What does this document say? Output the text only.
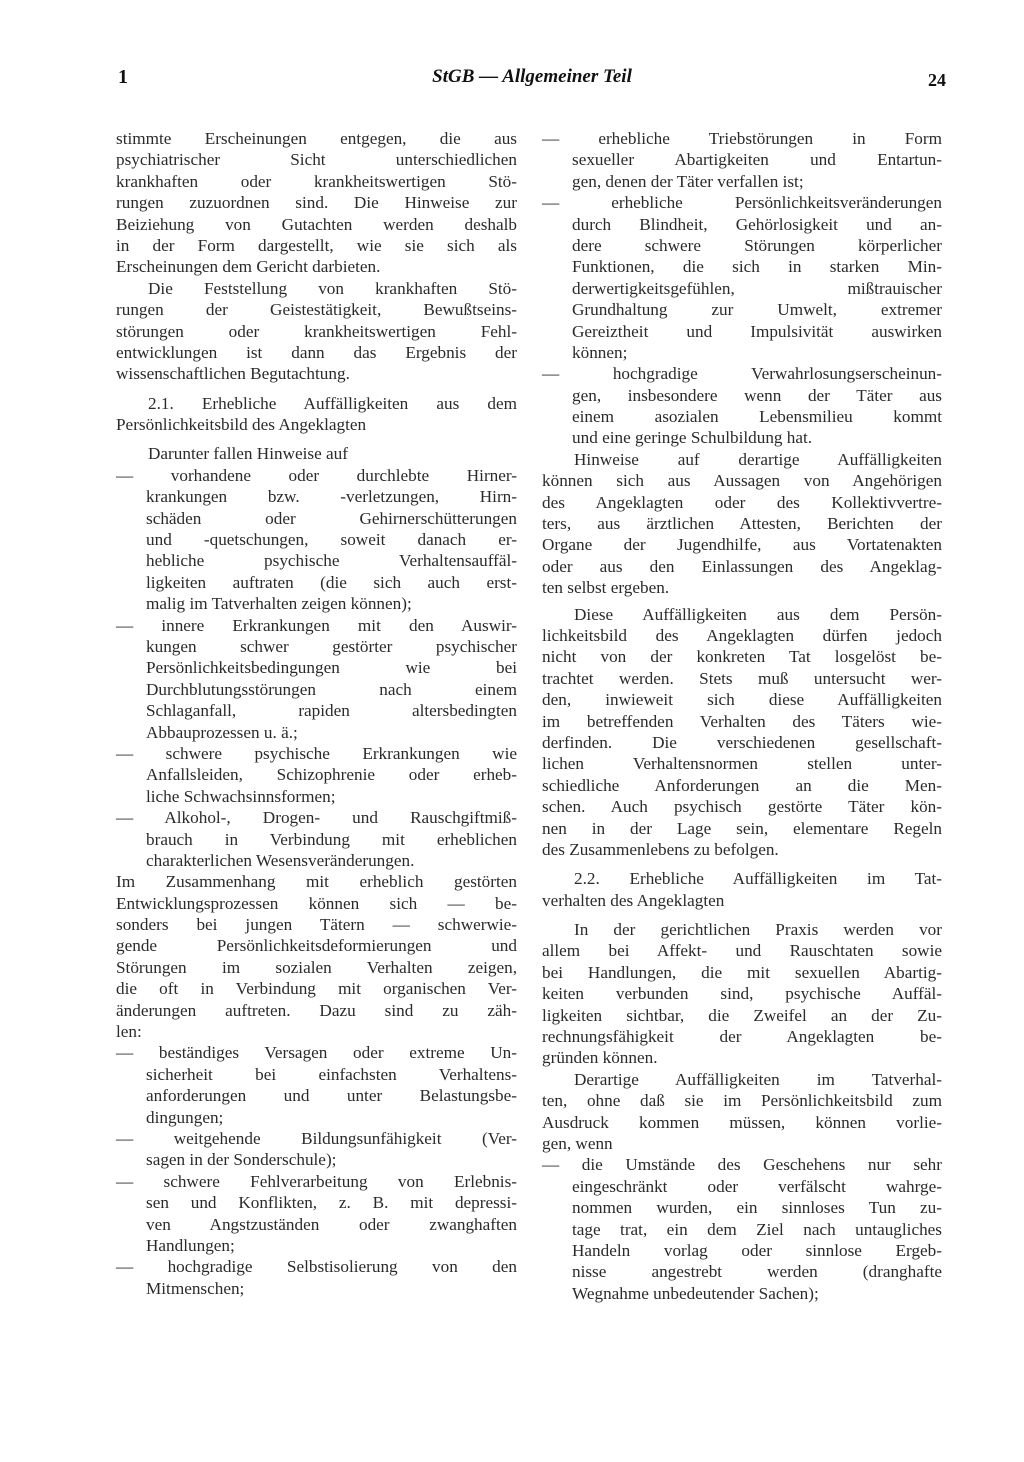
1	StGB — Allgemeiner Teil	24
stimmte Erscheinungen entgegen, die aus
psychiatrischer Sicht unterschiedlichen
krankhaften oder krankheitswertigen Stö-
rungen zuzuordnen sind. Die Hinweise zur
Beiziehung von Gutachten werden deshalb
in der Form dargestellt, wie sie sich als
Erscheinungen dem Gericht darbieten.
Die Feststellung von krankhaften Stö-
rungen der Geistestätigkeit, Bewußtseins-
störungen oder krankheitswertigen Fehl-
entwicklungen ist dann das Ergebnis der
wissenschaftlichen Begutachtung.
2.1. Erhebliche Auffälligkeiten aus dem
Persönlichkeitsbild des Angeklagten
Darunter fallen Hinweise auf
— vorhandene oder durchlebte Hirner-
krankungen bzw. -verletzungen, Hirn-
schäden oder Gehirnerschütterungen
und -quetschungen, soweit danach er-
hebliche psychische Verhaltensauffäl-
ligkeiten auftraten (die sich auch erst-
malig im Tatverhalten zeigen können);
— innere Erkrankungen mit den Auswir-
kungen schwer gestörter psychischer
Persönlichkeitsbedingungen wie bei
Durchblutungsstörungen nach einem
Schlaganfall, rapiden altersbedingten
Abbauprozessen u. ä.;
— schwere psychische Erkrankungen wie
Anfallsleiden, Schizophrenie oder erheb-
liche Schwachsinnsformen;
— Alkohol-, Drogen- und Rauschgiftmiß-
brauch in Verbindung mit erheblichen
charakterlichen Wesensveränderungen.
Im Zusammenhang mit erheblich gestörten
Entwicklungsprozessen können sich — be-
sonders bei jungen Tätern — schwerwie-
gende Persönlichkeitsdeformierungen und
Störungen im sozialen Verhalten zeigen,
die oft in Verbindung mit organischen Ver-
änderungen auftreten. Dazu sind zu zäh-
len:
— beständiges Versagen oder extreme Un-
sicherheit bei einfachsten Verhaltens-
anforderungen und unter Belastungsbe-
dingungen;
— weitgehende Bildungsunfähigkeit (Ver-
sagen in der Sonderschule);
— schwere Fehlverarbeitung von Erlebnis-
sen und Konflikten, z. B. mit depressi-
ven Angstzuständen oder zwanghaften
Handlungen;
— hochgradige Selbstisolierung von den
Mitmenschen;
— erhebliche Triebstörungen in Form
sexueller Abartigkeiten und Entartun-
gen, denen der Täter verfallen ist;
— erhebliche Persönlichkeitsveränderungen
durch Blindheit, Gehörlosigkeit und an-
dere schwere Störungen körperlicher
Funktionen, die sich in starken Min-
derwertigkeitsgefühlen, mißtrauischer
Grundhaltung zur Umwelt, extremer
Gereiztheit und Impulsivität auswirken
können;
— hochgradige Verwahrlosungserscheinun-
gen, insbesondere wenn der Täter aus
einem asozialen Lebensmilieu kommt
und eine geringe Schulbildung hat.
Hinweise auf derartige Auffälligkeiten
können sich aus Aussagen von Angehörigen
des Angeklagten oder des Kollektivvertre-
ters, aus ärztlichen Attesten, Berichten der
Organe der Jugendhilfe, aus Vortatenakten
oder aus den Einlassungen des Angeklag-
ten selbst ergeben.
Diese Auffälligkeiten aus dem Persön-
lichkeitsbild des Angeklagten dürfen jedoch
nicht von der konkreten Tat losgelöst be-
trachtet werden. Stets muß untersucht wer-
den, inwieweit sich diese Auffälligkeiten
im betreffenden Verhalten des Täters wie-
derfinden. Die verschiedenen gesellschaft-
lichen Verhaltensnormen stellen unter-
schiedliche Anforderungen an die Men-
schen. Auch psychisch gestörte Täter kön-
nen in der Lage sein, elementare Regeln
des Zusammenlebens zu befolgen.
2.2. Erhebliche Auffälligkeiten im Tat-
verhalten des Angeklagten
In der gerichtlichen Praxis werden vor
allem bei Affekt- und Rauschtaten sowie
bei Handlungen, die mit sexuellen Abartig-
keiten verbunden sind, psychische Auffäl-
ligkeiten sichtbar, die Zweifel an der Zu-
rechnungsfähigkeit der Angeklagten be-
gründen können.
Derartige Auffälligkeiten im Tatverhal-
ten, ohne daß sie im Persönlichkeitsbild zum
Ausdruck kommen müssen, können vorlie-
gen, wenn
— die Umstände des Geschehens nur sehr
eingeschränkt oder verfälscht wahrge-
nommen wurden, ein sinnloses Tun zu-
tage trat, ein dem Ziel nach untaugliches
Handeln vorlag oder sinnlose Ergeb-
nisse angestrebt werden (dranghafte
Wegnahme unbedeutender Sachen);
